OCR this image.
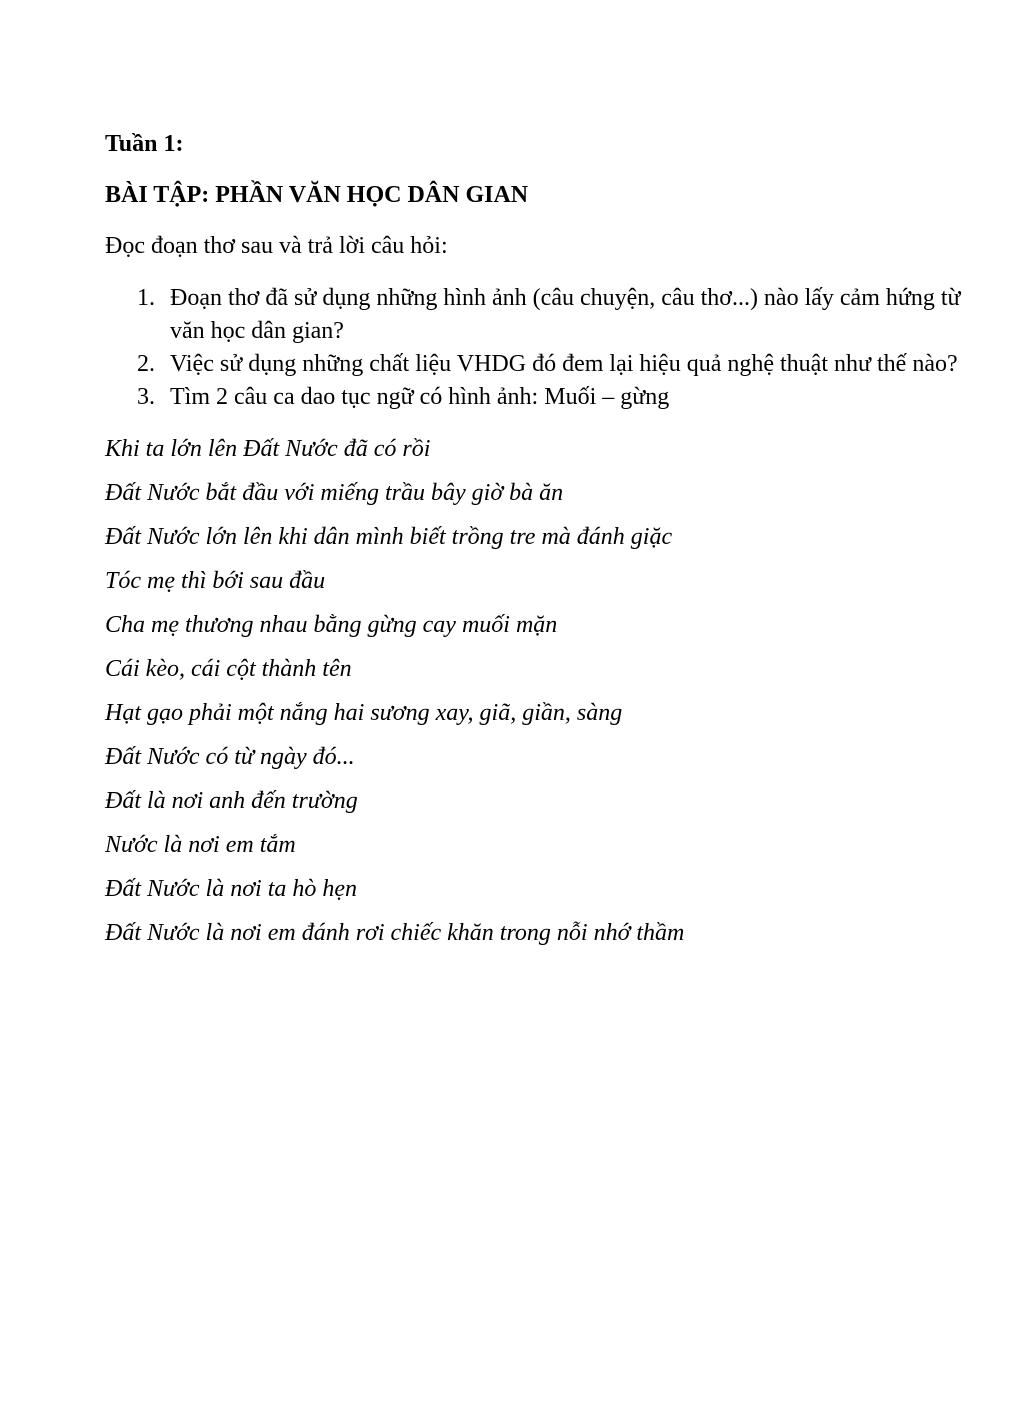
Tuần 1:

BÀI TẬP: PHẦN VĂN HỌC DÂN GIAN

Đọc đoạn thơ sau và trả lời câu hỏi:

1. Đoạn thơ đã sử dụng những hình ảnh (câu chuyện, câu thơ...) nào lấy cảm hứng từ văn học dân gian?
2. Việc sử dụng những chất liệu VHDG đó đem lại hiệu quả nghệ thuật như thế nào?
3. Tìm 2 câu ca dao tục ngữ có hình ảnh: Muối – gừng

Khi ta lớn lên Đất Nước đã có rồi

Đất Nước bắt đầu với miếng trầu bây giờ bà ăn

Đất Nước lớn lên khi dân mình biết trồng tre mà đánh giặc

Tóc mẹ thì bới sau đầu

Cha mẹ thương nhau bằng gừng cay muối mặn

Cái kèo, cái cột thành tên

Hạt gạo phải một nắng hai sương xay, giã, giần, sàng

Đất Nước có từ ngày đó...

Đất là nơi anh đến trường

Nước là nơi em tắm

Đất Nước là nơi ta hò hẹn

Đất Nước là nơi em đánh rơi chiếc khăn trong nỗi nhớ thầm
